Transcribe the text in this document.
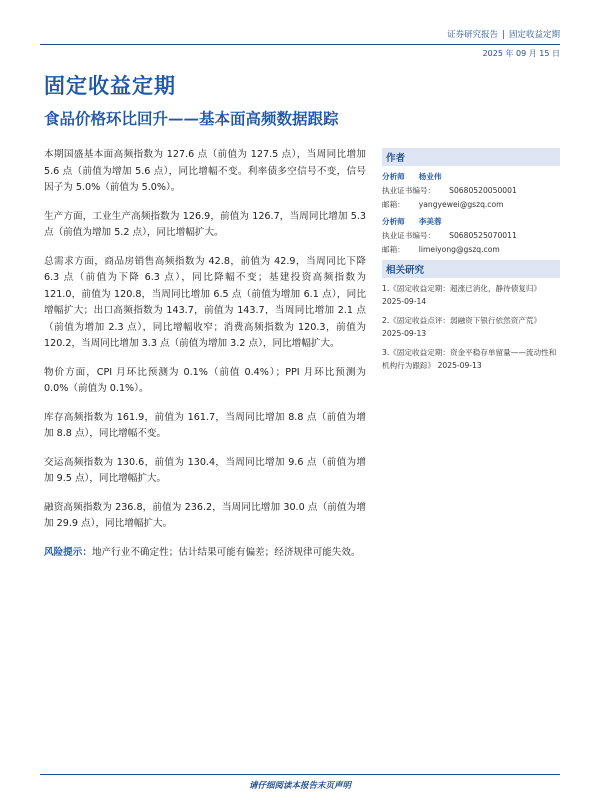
证券研究报告 | 固定收益定期
2025 年 09 月 15 日
固定收益定期
食品价格环比回升——基本面高频数据跟踪

本期国盛基本面高频指数为 127.6 点（前值为 127.5 点），当周同比增加 5.6 点（前值为增加 5.6 点），同比增幅不变。利率债多空信号不变，信号因子为 5.0%（前值为 5.0%）。

生产方面，工业生产高频指数为 126.9，前值为 126.7，当周同比增加 5.3 点（前值为增加 5.2 点），同比增幅扩大。

总需求方面，商品房销售高频指数为 42.8，前值为 42.9，当周同比下降 6.3 点（前值为下降 6.3 点），同比降幅不变；基建投资高频指数为 121.0，前值为 120.8，当周同比增加 6.5 点（前值为增加 6.1 点），同比增幅扩大；出口高频指数为 143.7，前值为 143.7，当周同比增加 2.1 点（前值为增加 2.3 点），同比增幅收窄；消费高频指数为 120.3，前值为 120.2，当周同比增加 3.3 点（前值为增加 3.2 点），同比增幅扩大。

物价方面，CPI 月环比预测为 0.1%（前值 0.4%）；PPI 月环比预测为 0.0%（前值为 0.1%）。

库存高频指数为 161.9，前值为 161.7，当周同比增加 8.8 点（前值为增加 8.8 点），同比增幅不变。

交运高频指数为 130.6，前值为 130.4，当周同比增加 9.6 点（前值为增加 9.5 点），同比增幅扩大。

融资高频指数为 236.8，前值为 236.2，当周同比增加 30.0 点（前值为增加 29.9 点），同比增幅扩大。

风险提示：地产行业不确定性；估计结果可能有偏差；经济规律可能失效。

作者
分析师 杨业伟
执业证书编号： S0680520050001
邮箱： yangyewei@gszq.com
分析师 李美蓉
执业证书编号： S0680525070011
邮箱： limeiyong@gszq.com
相关研究
1.《固定收益定期：超涨已消化，静待债复归》 2025-09-14
2.《固定收益点评：弱融资下银行依然资产荒》 2025-09-13
3.《固定收益定期：资金平稳存单留量——流动性和机构行为跟踪》 2025-09-13
请仔细阅读本报告末页声明
